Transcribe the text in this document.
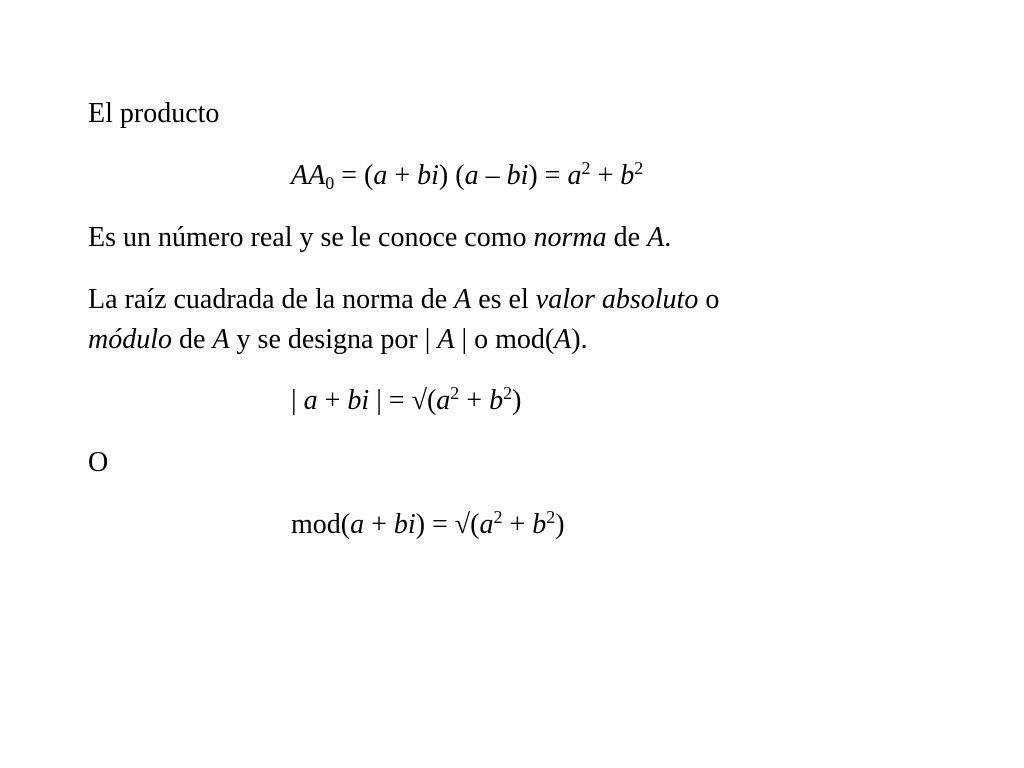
El producto
$AA_0 = (a + bi)$ $(a - bi) = a^2 + b^2$
Es un número real y se le conoce como norma de A.
La raíz cuadrada de la norma de A es el valor absoluto o
módulo de A y se designa por | A | o mod(A).
| a + bi | = $√(a^2 + b^2)$
O
$mod(a + bi) = √(a^2 + b^2)$
